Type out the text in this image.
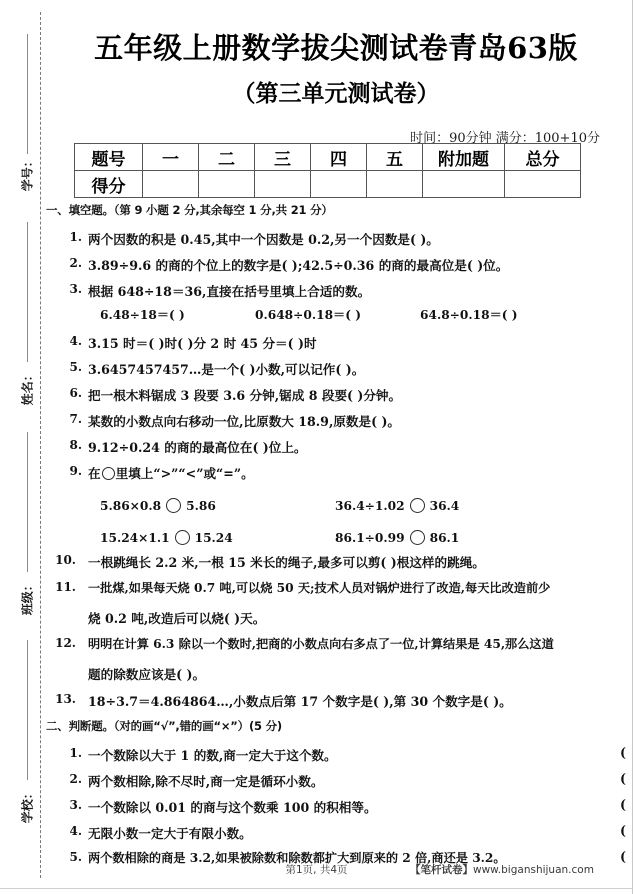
学号：
姓名：
班级：
学校：
五年级上册数学拔尖测试卷青岛63版
（第三单元测试卷）
时间：90分钟 满分：100+10分
题号	一	二	三	四	五	附加题	总分
得分							
一、填空题。（第 9 小题 2 分,其余每空 1 分,共 21 分）
1. 两个因数的积是 0.45,其中一个因数是 0.2,另一个因数是( )。
2. 3.89÷9.6 的商的个位上的数字是( );42.5÷0.36 的商的最高位是( )位。
3. 根据 648÷18＝36,直接在括号里填上合适的数。
6.48÷18＝( )	0.648÷0.18＝( )	64.8÷0.18＝( )
4. 3.15 时＝( )时( )分 2 时 45 分＝( )时
5. 3.6457457457…是一个( )小数,可以记作( )。
6. 把一根木料锯成 3 段要 3.6 分钟,锯成 8 段要( )分钟。
7. 某数的小数点向右移动一位,比原数大 18.9,原数是( )。
8. 9.12÷0.24 的商的最高位在( )位上。
9. 在 里填上“>”“<”或“=”。
5.86×0.8 5.86	36.4÷1.02 36.4
15.24×1.1 15.24	86.1÷0.99 86.1
10. 一根跳绳长 2.2 米,一根 15 米长的绳子,最多可以剪( )根这样的跳绳。
11. 一批煤,如果每天烧 0.7 吨,可以烧 50 天;技术人员对锅炉进行了改造,每天比改造前少
烧 0.2 吨,改造后可以烧( )天。
12. 明明在计算 6.3 除以一个数时,把商的小数点向右多点了一位,计算结果是 45,那么这道
题的除数应该是( )。
13. 18÷3.7＝4.864864…,小数点后第 17 个数字是( ),第 30 个数字是( )。
二、判断题。（对的画“√”,错的画“×”）(5 分)
1. 一个数除以大于 1 的数,商一定大于这个数。	(
2. 两个数相除,除不尽时,商一定是循环小数。	(
3. 一个数除以 0.01 的商与这个数乘 100 的积相等。	(
4. 无限小数一定大于有限小数。	(
5. 两个数相除的商是 3.2,如果被除数和除数都扩大到原来的 2 倍,商还是 3.2。	(
第1页, 共4页	【笔杆试卷】www.biganshijuan.com
